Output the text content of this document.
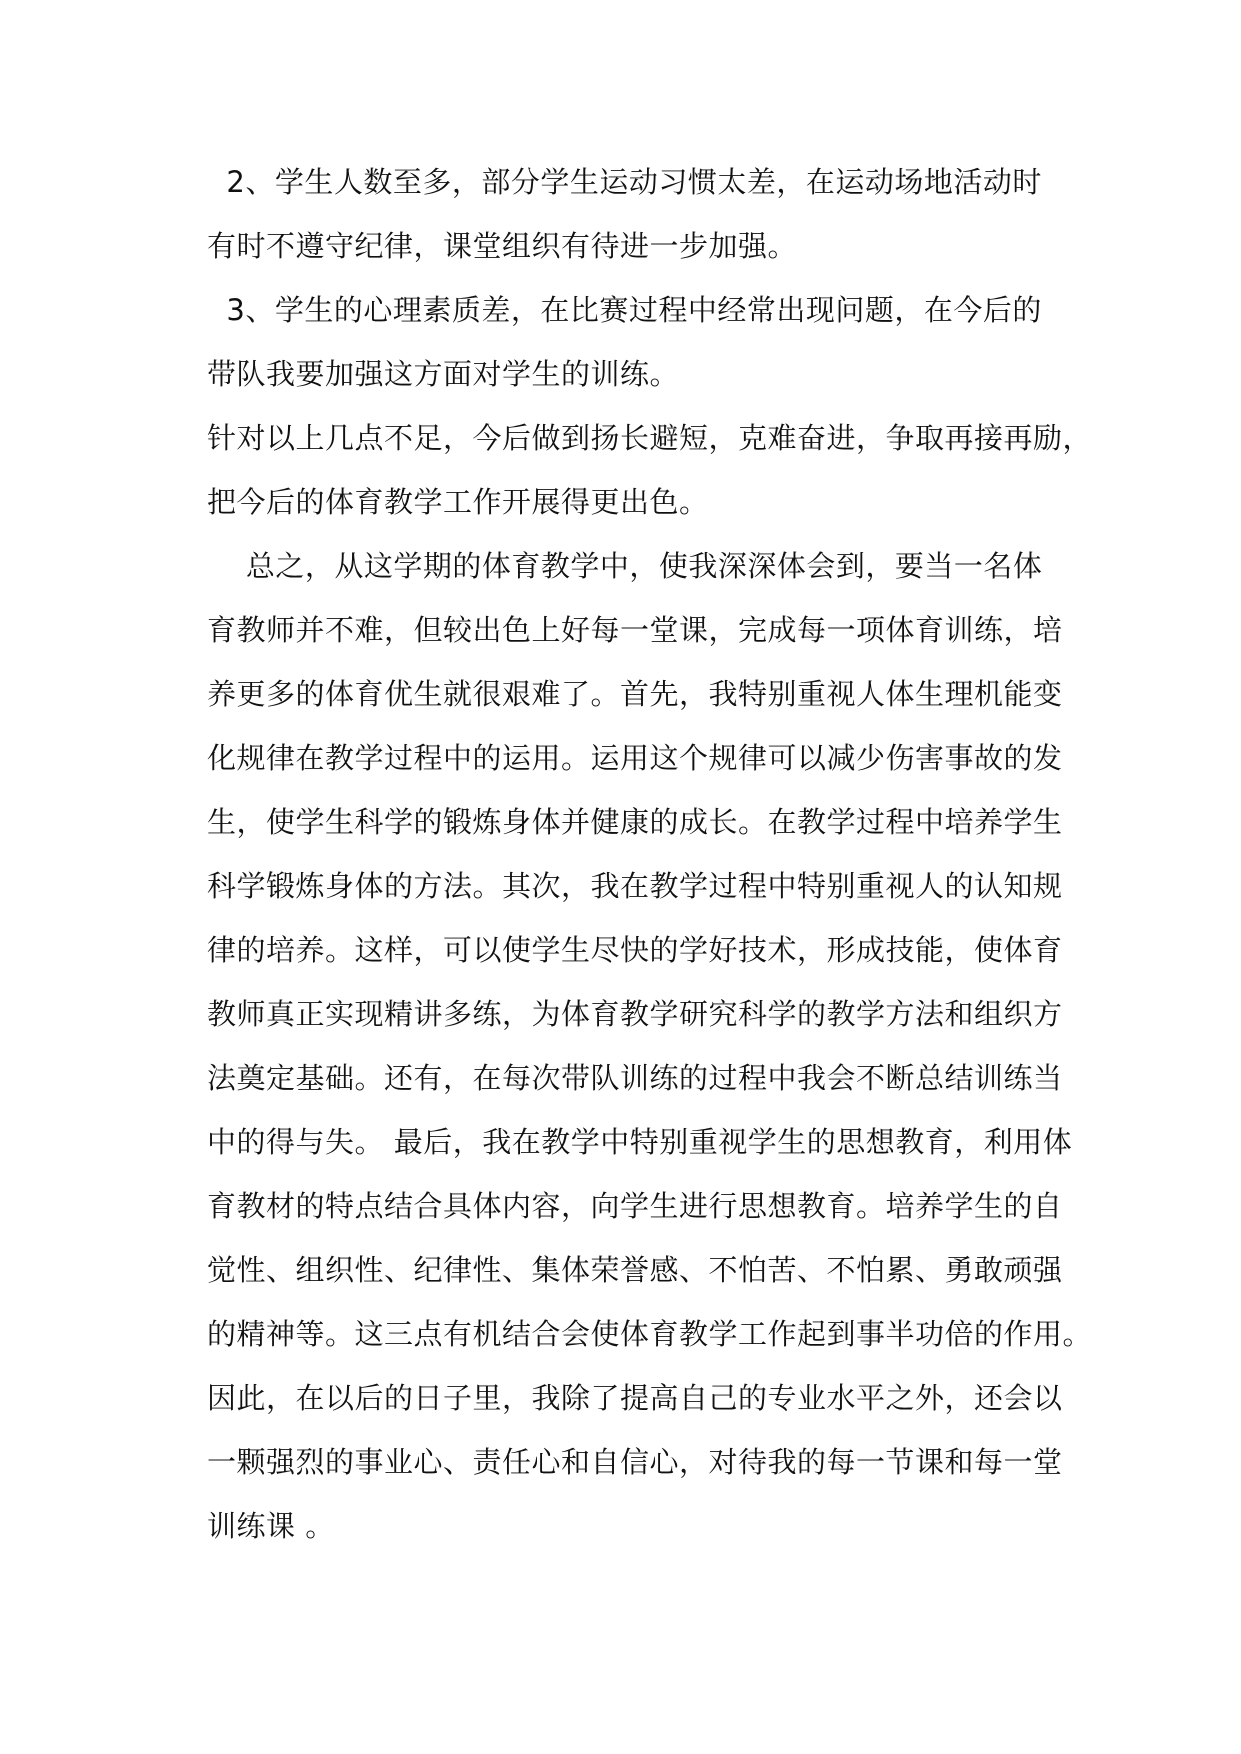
2、学生人数至多，部分学生运动习惯太差，在运动场地活动时
有时不遵守纪律，课堂组织有待进一步加强。
3、学生的心理素质差，在比赛过程中经常出现问题，在今后的
带队我要加强这方面对学生的训练。
针对以上几点不足，今后做到扬长避短，克难奋进，争取再接再励，
把今后的体育教学工作开展得更出色。
总之，从这学期的体育教学中，使我深深体会到，要当一名体
育教师并不难，但较出色上好每一堂课，完成每一项体育训练，培
养更多的体育优生就很艰难了。首先，我特别重视人体生理机能变
化规律在教学过程中的运用。运用这个规律可以减少伤害事故的发
生，使学生科学的锻炼身体并健康的成长。在教学过程中培养学生
科学锻炼身体的方法。其次，我在教学过程中特别重视人的认知规
律的培养。这样，可以使学生尽快的学好技术，形成技能，使体育
教师真正实现精讲多练，为体育教学研究科学的教学方法和组织方
法奠定基础。还有，在每次带队训练的过程中我会不断总结训练当
中的得与失。 最后，我在教学中特别重视学生的思想教育，利用体
育教材的特点结合具体内容，向学生进行思想教育。培养学生的自
觉性、组织性、纪律性、集体荣誉感、不怕苦、不怕累、勇敢顽强
的精神等。这三点有机结合会使体育教学工作起到事半功倍的作用。
因此，在以后的日子里，我除了提高自己的专业水平之外，还会以
一颗强烈的事业心、责任心和自信心，对待我的每一节课和每一堂
训练课 。
